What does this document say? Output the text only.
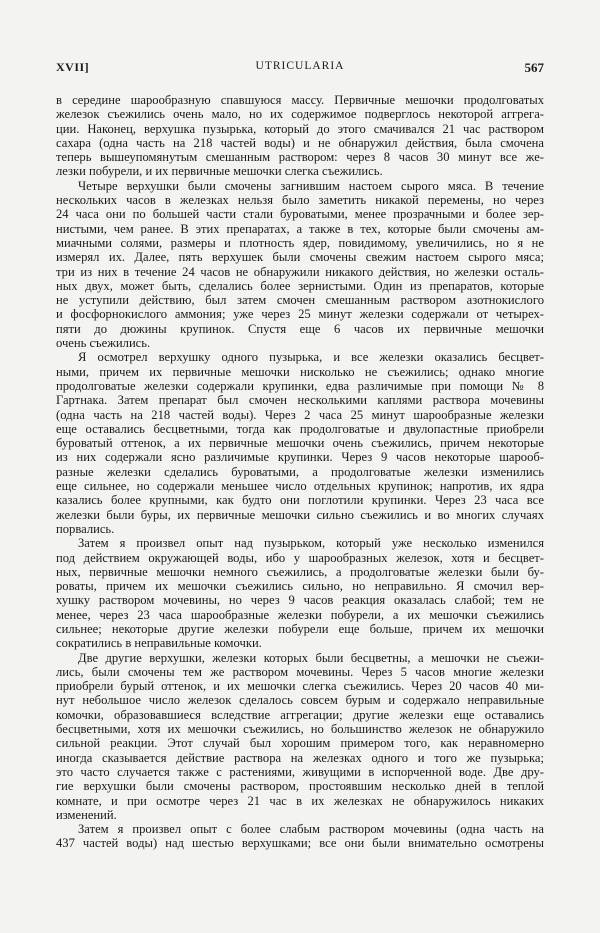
XVII]	UTRICULARIA	567
в середине шарообразную спавшуюся массу. Первичные мешочки продолговатых
железок съежились очень мало, но их содержимое подверглось некоторой аггрега-
ции. Наконец, верхушка пузырька, который до этого смачивался 21 час раствором
сахара (одна часть на 218 частей воды) и не обнаружил действия, была смочена
теперь вышеупомянутым смешанным раствором: через 8 часов 30 минут все же-
лезки побурели, и их первичные мешочки слегка съежились.
Четыре верхушки были смочены загнившим настоем сырого мяса. В течение
нескольких часов в железках нельзя было заметить никакой перемены, но через
24 часа они по большей части стали буроватыми, менее прозрачными и более зер-
нистыми, чем ранее. В этих препаратах, а также в тех, которые были смочены ам-
миачными солями, размеры и плотность ядер, повидимому, увеличились, но я не
измерял их. Далее, пять верхушек были смочены свежим настоем сырого мяса;
три из них в течение 24 часов не обнаружили никакого действия, но железки осталь-
ных двух, может быть, сделались более зернистыми. Один из препаратов, которые
не уступили действию, был затем смочен смешанным раствором азотнокислого
и фосфорнокислого аммония; уже через 25 минут железки содержали от четырех-
пяти до дюжины крупинок. Спустя еще 6 часов их первичные мешочки
очень съежились.
Я осмотрел верхушку одного пузырька, и все железки оказались бесцвет-
ными, причем их первичные мешочки нисколько не съежились; однако многие
продолговатые железки содержали крупинки, едва различимые при помощи № 8
Гартнака. Затем препарат был смочен несколькими каплями раствора мочевины
(одна часть на 218 частей воды). Через 2 часа 25 минут шарообразные железки
еще оставались бесцветными, тогда как продолговатые и двулопастные приобрели
буроватый оттенок, а их первичные мешочки очень съежились, причем некоторые
из них содержали ясно различимые крупинки. Через 9 часов некоторые шарооб-
разные железки сделались буроватыми, а продолговатые железки изменились
еще сильнее, но содержали меньшее число отдельных крупинок; напротив, их ядра
казались более крупными, как будто они поглотили крупинки. Через 23 часа все
железки были буры, их первичные мешочки сильно съежились и во многих случаях
порвались.
Затем я произвел опыт над пузырьком, который уже несколько изменился
под действием окружающей воды, ибо у шарообразных железок, хотя и бесцвет-
ных, первичные мешочки немного съежились, а продолговатые железки были бу-
роваты, причем их мешочки съежились сильно, но неправильно. Я смочил вер-
хушку раствором мочевины, но через 9 часов реакция оказалась слабой; тем не
менее, через 23 часа шарообразные железки побурели, а их мешочки съежились
сильнее; некоторые другие железки побурели еще больше, причем их мешочки
сократились в неправильные комочки.
Две другие верхушки, железки которых были бесцветны, а мешочки не съежи-
лись, были смочены тем же раствором мочевины. Через 5 часов многие железки
приобрели бурый оттенок, и их мешочки слегка съежились. Через 20 часов 40 ми-
нут небольшое число железок сделалось совсем бурым и содержало неправильные
комочки, образовавшиеся вследствие аггрегации; другие железки еще оставались
бесцветными, хотя их мешочки съежились, но большинство железок не обнаружило
сильной реакции. Этот случай был хорошим примером того, как неравномерно
иногда сказывается действие раствора на железках одного и того же пузырька;
это часто случается также с растениями, живущими в испорченной воде. Две дру-
гие верхушки были смочены раствором, простоявшим несколько дней в теплой
комнате, и при осмотре через 21 час в их железках не обнаружилось никаких
изменений.
Затем я произвел опыт с более слабым раствором мочевины (одна часть на
437 частей воды) над шестью верхушками; все они были внимательно осмотрены
